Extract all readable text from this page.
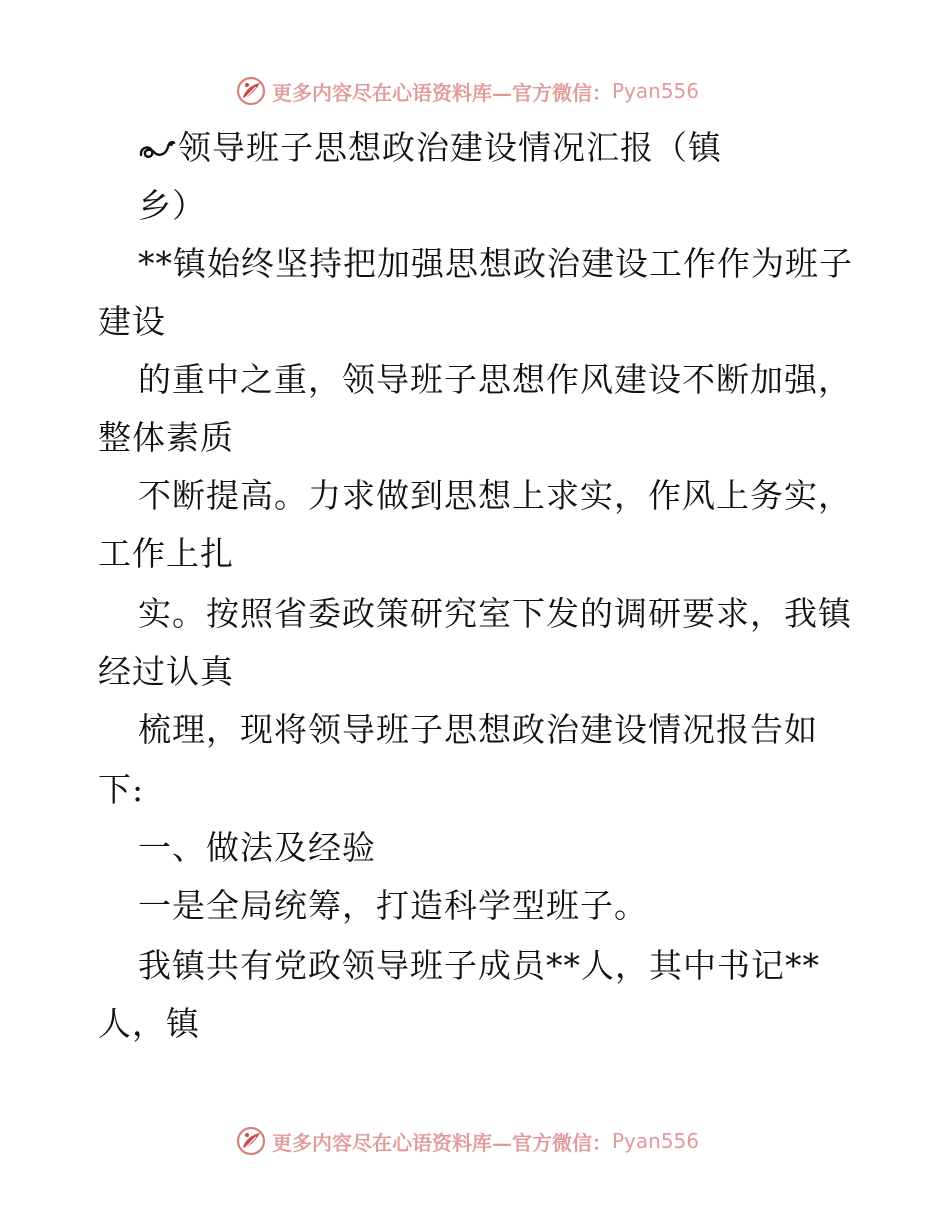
更多内容尽在心语资料库—官方微信： Pyan556
领导班子思想政治建设情况汇报（镇
乡）
**镇始终坚持把加强思想政治建设工作作为班子
建设
的重中之重，领导班子思想作风建设不断加强，
整体素质
不断提高。力求做到思想上求实，作风上务实，
工作上扎
实。按照省委政策研究室下发的调研要求，我镇
经过认真
梳理，现将领导班子思想政治建设情况报告如
下:
一、做法及经验
一是全局统筹，打造科学型班子。
我镇共有党政领导班子成员**人，其中书记**
人，镇
更多内容尽在心语资料库—官方微信： Pyan556
